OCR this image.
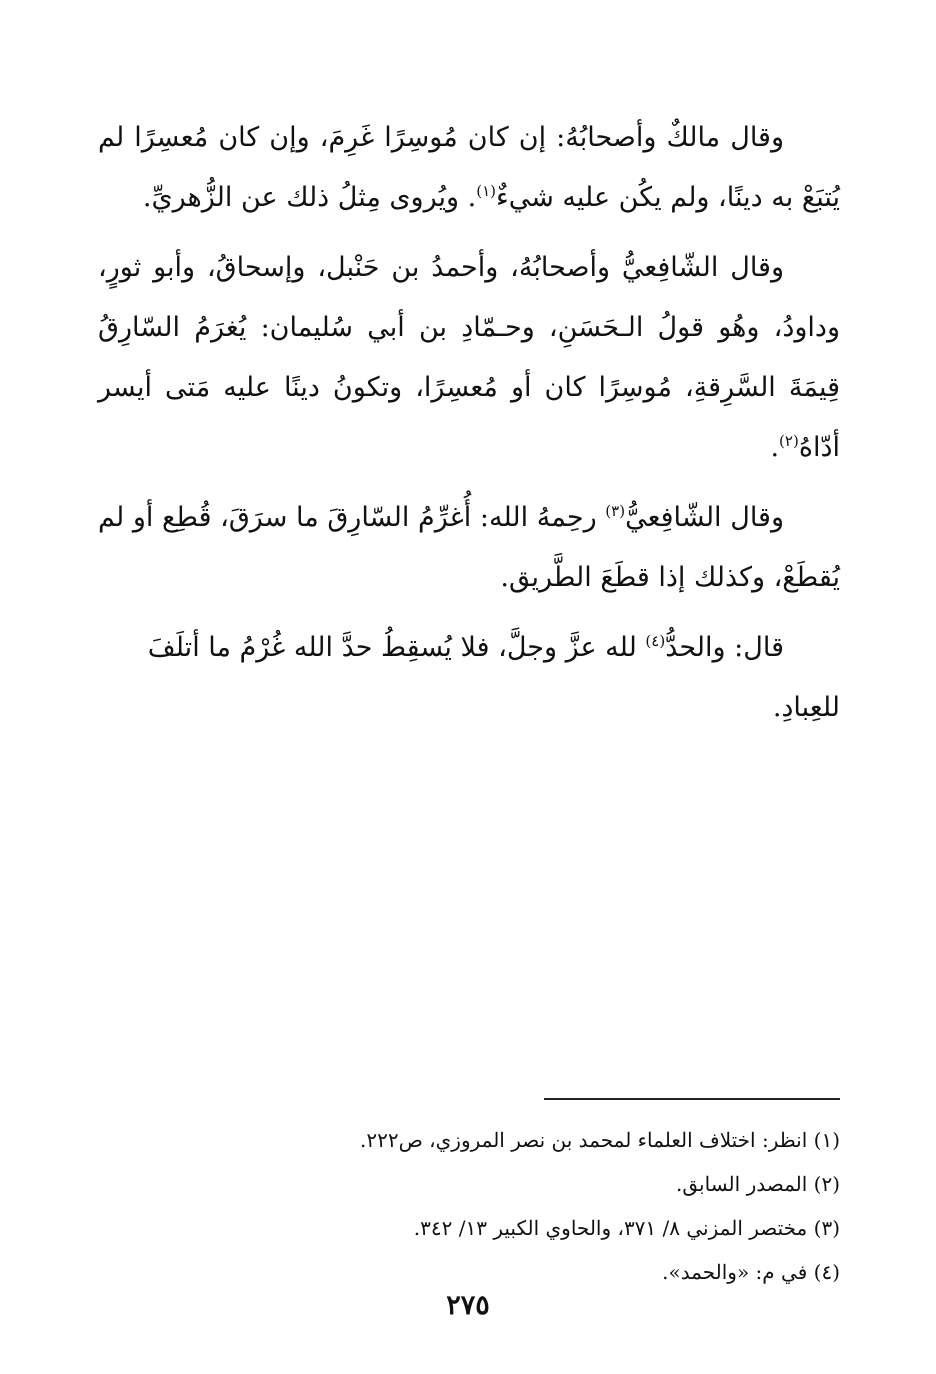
وقال مالكٌ وأصحابُهُ: إن كان مُوسِرًا غَرِمَ، وإن كان مُعسِرًا لم يُتبَعْ به دينًا، ولم يكُن عليه شيءٌ$^{(١)}$. ويُروى مِثلُ ذلك عن الزُّهريِّ.

وقال الشّافِعيُّ وأصحابُهُ، وأحمدُ بن حَنْبل، وإسحاقُ، وأبو ثورٍ، وداودُ، وهُو قولُ الـحَسَنِ، وحـمّادِ بن أبي سُليمان: يُغرَمُ السّارِقُ قِيمَةَ السَّرِقةِ، مُوسِرًا كان أو مُعسِرًا، وتكونُ دينًا عليه مَتى أيسر أدّاهُ$^{(٢)}$.

وقال الشّافِعيُّ$^{(٣)}$ رحِمهُ الله: أُغرِّمُ السّارِقَ ما سرَقَ، قُطِع أو لم يُقطَعْ، وكذلك إذا قطَعَ الطَّريق.

قال: والحدُّ$^{(٤)}$ لله عزَّ وجلَّ، فلا يُسقِطُ حدَّ الله غُرْمُ ما أتلَفَ للعِبادِ.

(١) انظر: اختلاف العلماء لمحمد بن نصر المروزي، ص٢٢٢.

(٢) المصدر السابق.

(٣) مختصر المزني ٨/ ٣٧١، والحاوي الكبير ١٣/ ٣٤٢.

(٤) في م: «والحمد».

٢٧٥
